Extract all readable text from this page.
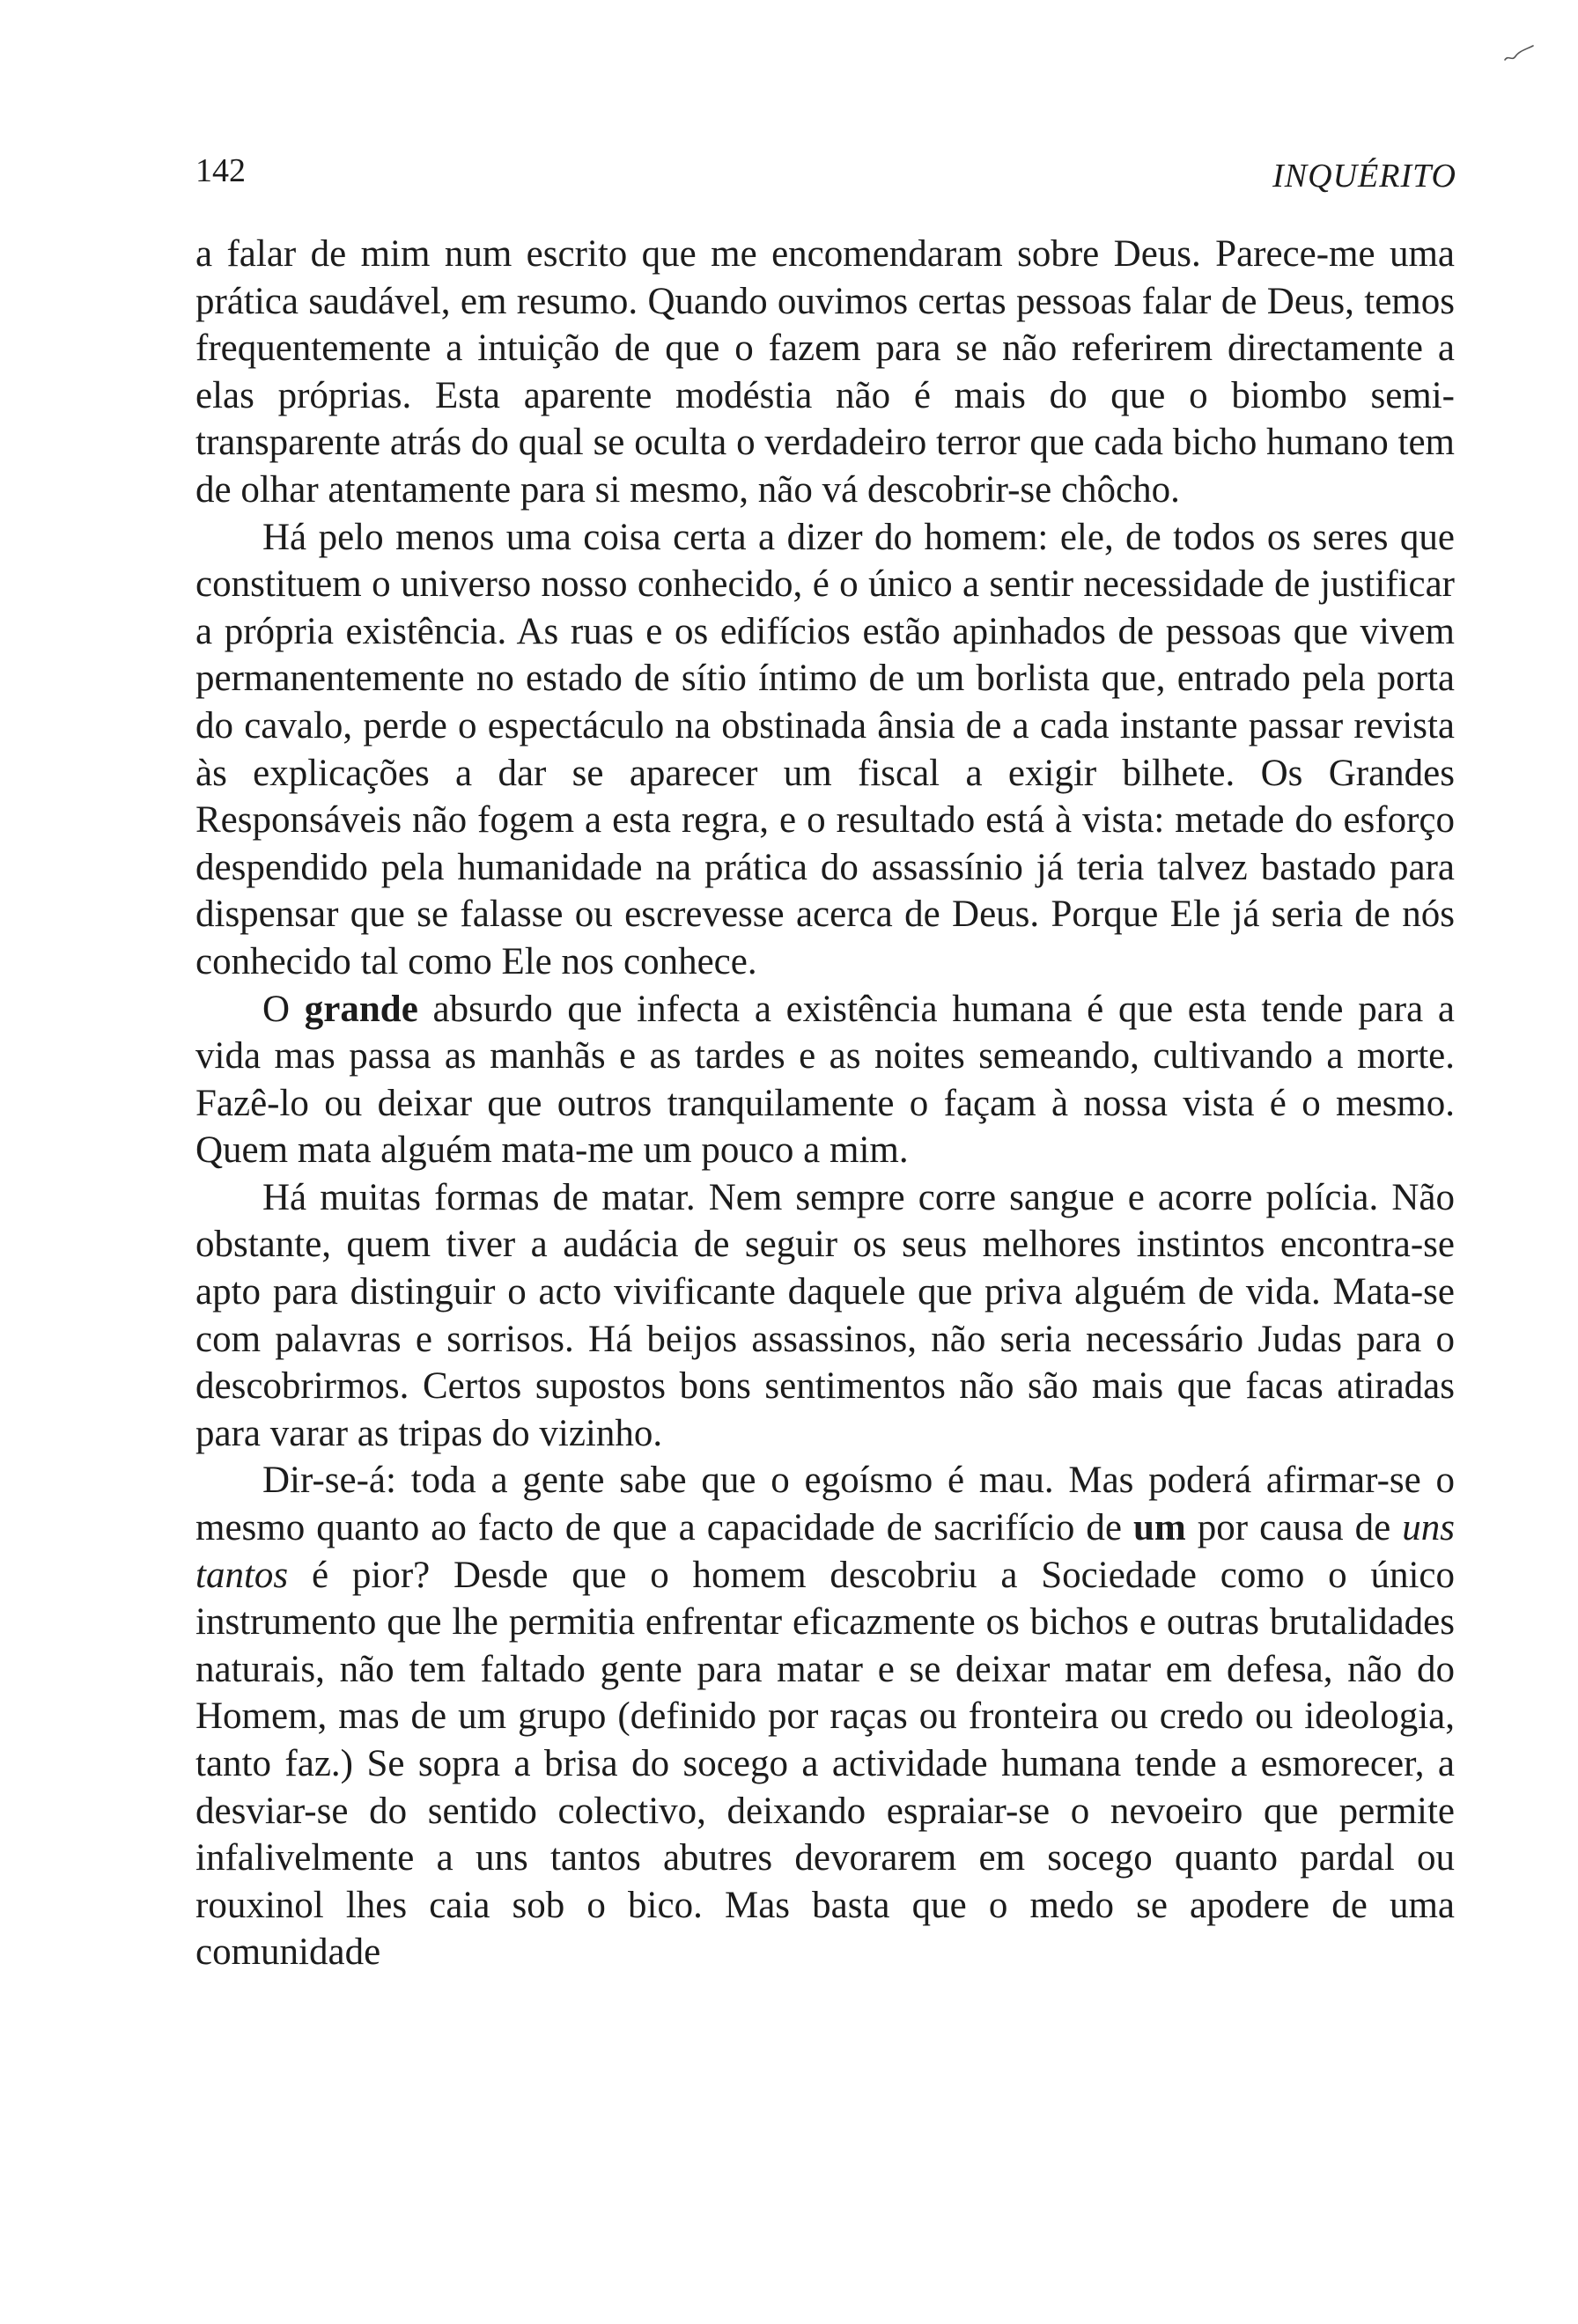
142	INQUÉRITO

a falar de mim num escrito que me encomendaram sobre Deus. Parece-me uma prática saudável, em resumo. Quando ouvimos certas pessoas falar de Deus, temos frequentemente a intuição de que o fazem para se não referirem directamente a elas próprias. Esta aparente modéstia não é mais do que o biombo semi-transparente atrás do qual se oculta o verdadeiro terror que cada bicho humano tem de olhar atentamente para si mesmo, não vá descobrir-se chôcho.

Há pelo menos uma coisa certa a dizer do homem: ele, de todos os seres que constituem o universo nosso conhecido, é o único a sentir necessidade de justificar a própria existência. As ruas e os edifícios estão apinhados de pessoas que vivem permanentemente no estado de sítio íntimo de um borlista que, entrado pela porta do cavalo, perde o espectáculo na obstinada ânsia de a cada instante passar revista às explicações a dar se aparecer um fiscal a exigir bilhete. Os Grandes Responsáveis não fogem a esta regra, e o resultado está à vista: metade do esforço despendido pela humanidade na prática do assassínio já teria talvez bastado para dispensar que se falasse ou escrevesse acerca de Deus. Porque Ele já seria de nós conhecido tal como Ele nos conhece.

O grande absurdo que infecta a existência humana é que esta tende para a vida mas passa as manhãs e as tardes e as noites semeando, cultivando a morte. Fazê-lo ou deixar que outros tranquilamente o façam à nossa vista é o mesmo. Quem mata alguém mata-me um pouco a mim.

Há muitas formas de matar. Nem sempre corre sangue e acorre polícia. Não obstante, quem tiver a audácia de seguir os seus melhores instintos encontra-se apto para distinguir o acto vivificante daquele que priva alguém de vida. Mata-se com palavras e sorrisos. Há beijos assassinos, não seria necessário Judas para o descobrirmos. Certos supostos bons sentimentos não são mais que facas atiradas para varar as tripas do vizinho.

Dir-se-á: toda a gente sabe que o egoísmo é mau. Mas poderá afirmar-se o mesmo quanto ao facto de que a capacidade de sacrifício de um por causa de uns tantos é pior? Desde que o homem descobriu a Sociedade como o único instrumento que lhe permitia enfrentar eficazmente os bichos e outras brutalidades naturais, não tem faltado gente para matar e se deixar matar em defesa, não do Homem, mas de um grupo (definido por raças ou fronteira ou credo ou ideologia, tanto faz.) Se sopra a brisa do socego a actividade humana tende a esmorecer, a desviar-se do sentido colectivo, deixando espraiar-se o nevoeiro que permite infalivelmente a uns tantos abutres devorarem em socego quanto pardal ou rouxinol lhes caia sob o bico. Mas basta que o medo se apodere de uma comunidade
